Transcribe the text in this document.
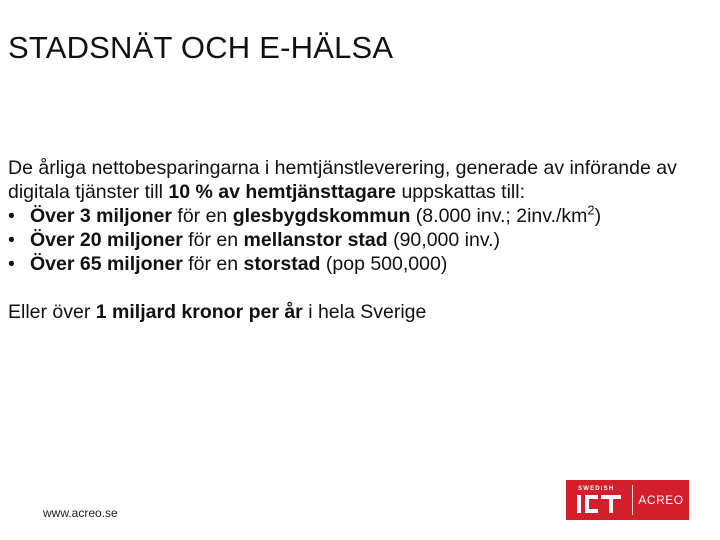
STADSNÄT OCH E-HÄLSA

De årliga nettobesparingarna i hemtjänstleverering, generade av införande av digitala tjänster till 10 % av hemtjänsttagare uppskattas till:

• Över 3 miljoner för en glesbygdskommun (8.000 inv.; $2inv./km^2$)
• Över 20 miljoner för en mellanstor stad (90,000 inv.)
• Över 65 miljoner för en storstad (pop 500,000)

Eller över 1 miljard kronor per år i hela Sverige

www.acreo.se
SWEDISH
ACREO
